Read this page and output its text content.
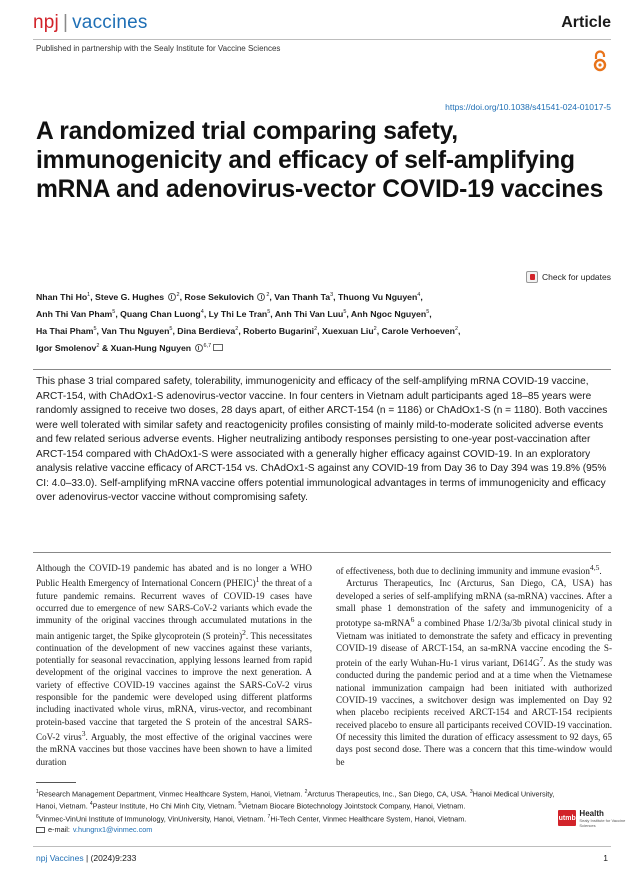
npj | vaccines	Article
Published in partnership with the Sealy Institute for Vaccine Sciences
https://doi.org/10.1038/s41541-024-01017-5
A randomized trial comparing safety, immunogenicity and efficacy of self-amplifying mRNA and adenovirus-vector COVID-19 vaccines
Check for updates
Nhan Thi Ho$^1$, Steve G. Hughes $^2$, Rose Sekulovich $^2$, Van Thanh Ta$^3$, Thuong Vu Nguyen$^4$,
Anh Thi Van Pham$^5$, Quang Chan Luong$^4$, Ly Thi Le Tran$^5$, Anh Thi Van Luu$^5$, Anh Ngoc Nguyen$^5$,
Ha Thai Pham$^5$, Van Thu Nguyen$^5$, Dina Berdieva$^2$, Roberto Bugarini$^2$, Xuexuan Liu$^2$, Carole Verhoeven$^2$,
Igor Smolenov$^2$ & Xuan-Hung Nguyen $^{6,7}$

This phase 3 trial compared safety, tolerability, immunogenicity and efficacy of the self-amplifying mRNA COVID-19 vaccine, ARCT-154, with ChAdOx1-S adenovirus-vector vaccine. In four centers in Vietnam adult participants aged 18–85 years were randomly assigned to receive two doses, 28 days apart, of either ARCT-154 (n = 1186) or ChAdOx1-S (n = 1180). Both vaccines were well tolerated with similar safety and reactogenicity profiles consisting of mainly mild-to-moderate solicited adverse events and few related serious adverse events. Higher neutralizing antibody responses persisting to one-year post-vaccination after ARCT-154 compared with ChAdOx1-S were associated with a generally higher efficacy against COVID-19. In an exploratory analysis relative vaccine efficacy of ARCT-154 vs. ChAdOx1-S against any COVID-19 from Day 36 to Day 394 was 19.8% (95% CI: 4.0–33.0). Self-amplifying mRNA vaccine offers potential immunological advantages in terms of immunogenicity and efficacy over adenovirus-vector vaccine without compromising safety.

Although the COVID-19 pandemic has abated and is no longer a WHO Public Health Emergency of International Concern (PHEIC)$^1$ the threat of a future pandemic remains. Recurrent waves of COVID-19 cases have occurred due to emergence of new SARS-CoV-2 variants which evade the immunity of the original vaccines through accumulated mutations in the main antigenic target, the Spike glycoprotein (S protein)$^2$. This necessitates continuation of the development of new vaccines against these variants, potentially for seasonal revaccination, applying lessons learned from rapid development of the original vaccines to improve the next generation. A variety of effective COVID-19 vaccines against the SARS-CoV-2 virus responsible for the pandemic were developed using different platforms including inactivated whole virus, mRNA, virus-vector, and recombinant protein-based vaccine that targeted the S protein of the ancestral SARS-CoV-2 virus$^3$. Arguably, the most effective of the original vaccines were the mRNA vaccines but those vaccines have been shown to have a limited duration

of effectiveness, both due to declining immunity and immune evasion$^{4,5}$.

Arcturus Therapeutics, Inc (Arcturus, San Diego, CA, USA) has developed a series of self-amplifying mRNA (sa-mRNA) vaccines. After a small phase 1 demonstration of the safety and immunogenicity of a prototype sa-mRNA$^6$ a combined Phase 1/2/3a/3b pivotal clinical study in Vietnam was initiated to demonstrate the safety and efficacy in preventing COVID-19 disease of ARCT-154, an sa-mRNA vaccine encoding the S-protein of the early Wuhan-Hu-1 virus variant, $D614G^7$. As the study was conducted during the pandemic period and at a time when the Vietnamese national immunization campaign had been initiated with authorized COVID-19 vaccines, a switchover design was implemented on Day 92 when placebo recipients received ARCT-154 and ARCT-154 recipients received placebo to ensure all participants received COVID-19 vaccination. Of necessity this limited the duration of efficacy assessment to 92 days, 65 days post second dose. There was a concern that this time-window would be

$^1$Research Management Department, Vinmec Healthcare System, Hanoi, Vietnam. $^2$Arcturus Therapeutics, Inc., San Diego, CA, USA. $^3$Hanoi Medical University, Hanoi, Vietnam. $^4$Pasteur Institute, Ho Chi Minh City, Vietnam. $^5$Vietnam Biocare Biotechnology Jointstock Company, Hanoi, Vietnam.
$^6$Vinmec-VinUni Institute of Immunology, VinUniversity, Hanoi, Vietnam. $^7$Hi-Tech Center, Vinmec Healthcare System, Hanoi, Vietnam.
e-mail: v.hungnx1@vinmec.com
utmb
Health
Sealy Institute for Vaccine Sciences
npj Vaccines | (2024)9:233	1
